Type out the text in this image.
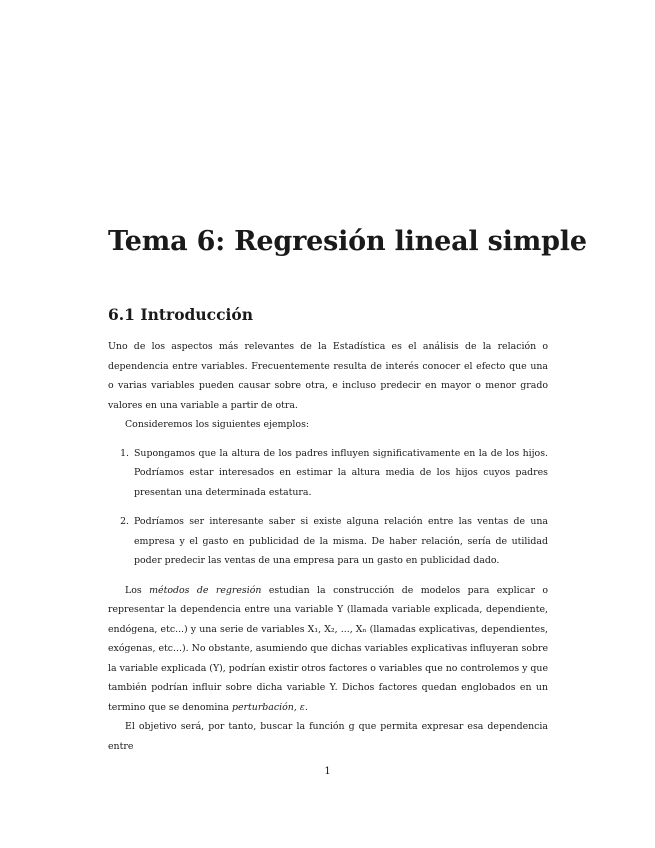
Tema 6: Regresión lineal simple
6.1 Introducción

Uno de los aspectos más relevantes de la Estadística es el análisis de la relación o dependencia entre variables. Frecuentemente resulta de interés conocer el efecto que una o varias variables pueden causar sobre otra, e incluso predecir en mayor o menor grado valores en una variable a partir de otra.

Consideremos los siguientes ejemplos:

1. Supongamos que la altura de los padres influyen significativamente en la de los hijos. Podríamos estar interesados en estimar la altura media de los hijos cuyos padres presentan una determinada estatura.
2. Podríamos ser interesante saber si existe alguna relación entre las ventas de una empresa y el gasto en publicidad de la misma. De haber relación, sería de utilidad poder predecir las ventas de una empresa para un gasto en publicidad dado.

Los métodos de regresión estudian la construcción de modelos para explicar o representar la dependencia entre una variable Y (llamada variable explicada, dependiente, endógena, etc...) y una serie de variables X₁, X₂, ..., Xₙ (llamadas explicativas, dependientes, exógenas, etc...). No obstante, asumiendo que dichas variables explicativas influyeran sobre la variable explicada (Y), podrían existir otros factores o variables que no controlemos y que también podrían influir sobre dicha variable Y. Dichos factores quedan englobados en un termino que se denomina perturbación, ε.

El objetivo será, por tanto, buscar la función g que permita expresar esa dependencia entre

1
